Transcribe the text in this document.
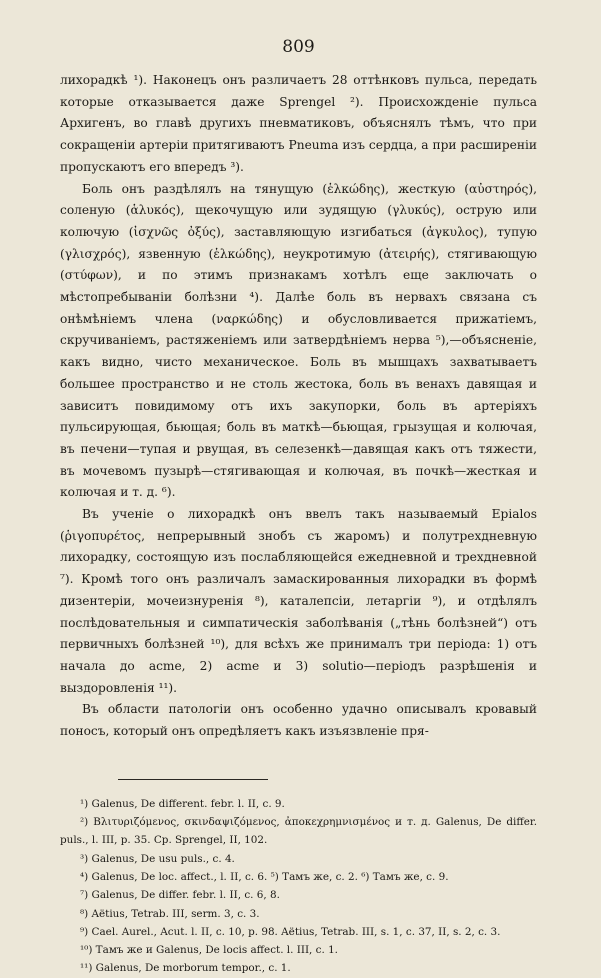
809

лихорадкѣ ¹). Наконецъ онъ различаетъ 28 оттѣнковъ пульса, передать которые отказывается даже Sprengel ²). Происхожденіе пульса Архигенъ, во главѣ другихъ пневматиковъ, объяснялъ тѣмъ, что при сокращеніи артеріи притягиваютъ Pneuma изъ сердца, а при расширеніи пропускаютъ его впередъ ³).

Боль онъ раздѣлялъ на тянущую (ἑλκώδης), жесткую (αὐστηρός), соленую (ἁλυκός), щекочущую или зудящую (γλυκύς), острую или колючую (ἰσχνῶς ὀξύς), заставляющую изгибаться (ἀγκυλος), тупую (γλισχρός), язвенную (ἑλκώδης), неукротимую (ἀτειρής), стягивающую (στύφων), и по этимъ признакамъ хотѣлъ еще заключать о мѣстопребываніи болѣзни ⁴). Далѣе боль въ нервахъ связана съ онѣмѣніемъ члена (ναρκώδης) и обусловливается прижатіемъ, скручиваніемъ, растяженіемъ или затвердѣніемъ нерва ⁵),—объясненіе, какъ видно, чисто механическое. Боль въ мышцахъ захватываетъ большее пространство и не столь жестока, боль въ венахъ давящая и зависитъ повидимому отъ ихъ закупорки, боль въ артеріяхъ пульсирующая, бьющая; боль въ маткѣ—бьющая, грызущая и колючая, въ печени—тупая и рвущая, въ селезенкѣ—давящая какъ отъ тяжести, въ мочевомъ пузырѣ—стягивающая и колючая, въ почкѣ—жесткая и колючая и т. д. ⁶).

Въ ученіе о лихорадкѣ онъ ввелъ такъ называемый Epialos (ῥιγοπυρέτος, непрерывный знобъ съ жаромъ) и полутрехдневную лихорадку, состоящую изъ послабляющейся ежедневной и трехдневной ⁷). Кромѣ того онъ различалъ замаскированныя лихорадки въ формѣ дизентеріи, мочеизнуренія ⁸), каталепсіи, летаргіи ⁹), и отдѣлялъ послѣдовательныя и симпатическія заболѣванія („тѣнь болѣзней“) отъ первичныхъ болѣзней ¹⁰), для всѣхъ же принималъ три періода: 1) отъ начала до acme, 2) acme и 3) solutio—періодъ разрѣшенія и выздоровленія ¹¹).

Въ области патологіи онъ особенно удачно описывалъ кровавый поносъ, который онъ опредѣляетъ какъ изъязвленіе пря-

¹) Galenus, De different. febr. l. II, c. 9.

²) Βλιτυριζόμενος, σκινδαψιζόμενος, ἀποκεχρημνισμένος и т. д. Galenus, De differ. puls., l. III, p. 35. Cp. Sprengel, II, 102.

³) Galenus, De usu puls., c. 4.

⁴) Galenus, De loc. affect., l. II, c. 6. ⁵) Тамъ же, c. 2. ⁶) Тамъ же, c. 9.

⁷) Galenus, De differ. febr. l. II, c. 6, 8.

⁸) Aëtius, Tetrab. III, serm. 3, c. 3.

⁹) Cael. Aurel., Acut. l. II, c. 10, p. 98. Aëtius, Tetrab. III, s. 1, c. 37, II, s. 2, c. 3.

¹⁰) Тамъ же и Galenus, De locis affect. l. III, c. 1.

¹¹) Galenus, De morborum tempor., c. 1.
